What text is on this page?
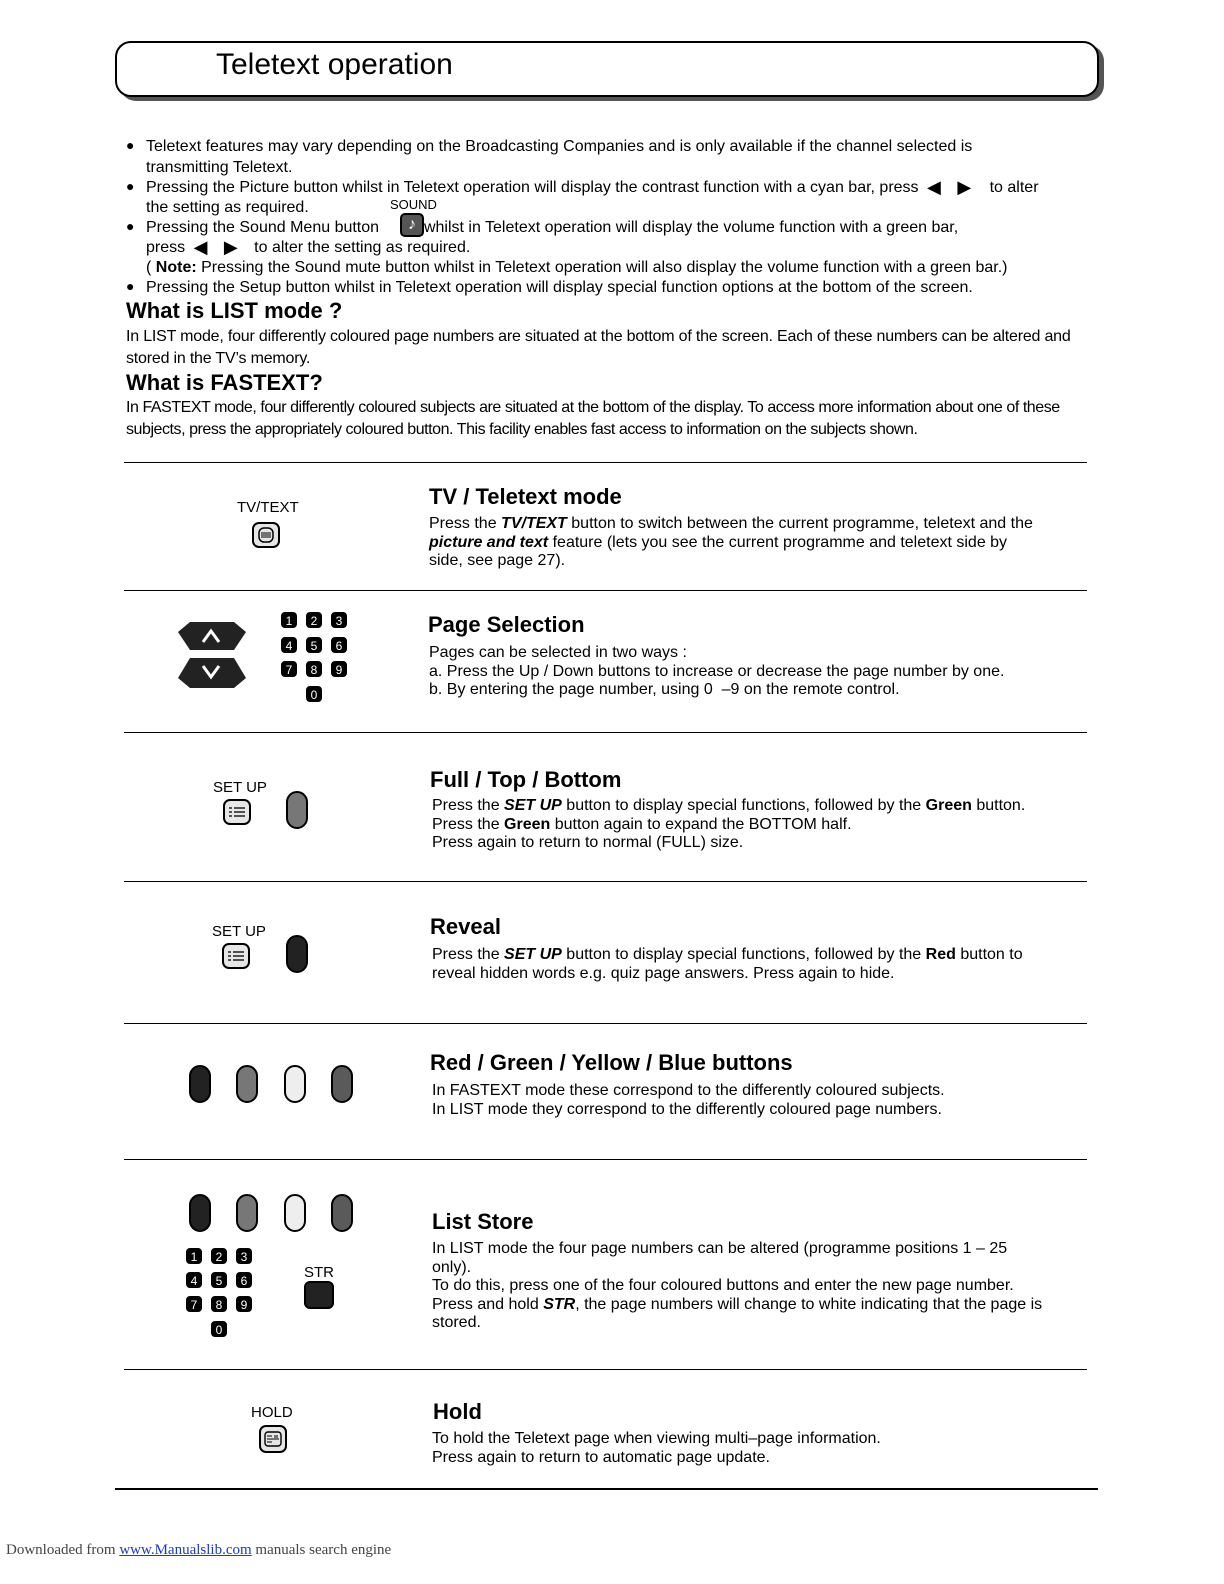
Teletext operation
● Teletext features may vary depending on the Broadcasting Companies and is only available if the channel selected is
transmitting Teletext.
● Pressing the Picture button whilst in Teletext operation will display the contrast function with a cyan bar, press ◀ ▶ to alter
the setting as required.	SOUND
● Pressing the Sound Menu button	whilst in Teletext operation will display the volume function with a green bar,
♪
press ◀ ▶ to alter the setting as required.
( Note: Pressing the Sound mute button whilst in Teletext operation will also display the volume function with a green bar.)
● Pressing the Setup button whilst in Teletext operation will display special function options at the bottom of the screen.
What is LIST mode ?
In LIST mode, four differently coloured page numbers are situated at the bottom of the screen. Each of these numbers can be altered and stored in the TV’s memory.
What is FASTEXT?
In FASTEXT mode, four differently coloured subjects are situated at the bottom of the display. To access more information about one of these subjects, press the appropriately coloured button. This facility enables fast access to information on the subjects shown.
TV/TEXT	TV / Teletext mode
Press the TV/TEXT button to switch between the current programme, teletext and the
picture and text feature (lets you see the current programme and teletext side by
side, see page 27).
1	2	3
4	5	6
7	8	9
0
Page Selection
Pages can be selected in two ways :
a. Press the Up / Down buttons to increase or decrease the page number by one.
b. By entering the page number, using 0  –9 on the remote control.
SET UP	Full / Top / Bottom
Press the SET UP button to display special functions, followed by the Green button.
Press the Green button again to expand the BOTTOM half.
Press again to return to normal (FULL) size.
SET UP	Reveal
Press the SET UP button to display special functions, followed by the Red button to
reveal hidden words e.g. quiz page answers. Press again to hide.
Red / Green / Yellow / Blue buttons
In FASTEXT mode these correspond to the differently coloured subjects.
In LIST mode they correspond to the differently coloured page numbers.
1	2	3
4	5	6
7	8	9
0
STR
List Store
In LIST mode the four page numbers can be altered (programme positions 1 – 25
only).
To do this, press one of the four coloured buttons and enter the new page number.
Press and hold STR, the page numbers will change to white indicating that the page is
stored.
HOLD	Hold
To hold the Teletext page when viewing multi–page information.
Press again to return to automatic page update.
Downloaded from www.Manualslib.com manuals search engine
